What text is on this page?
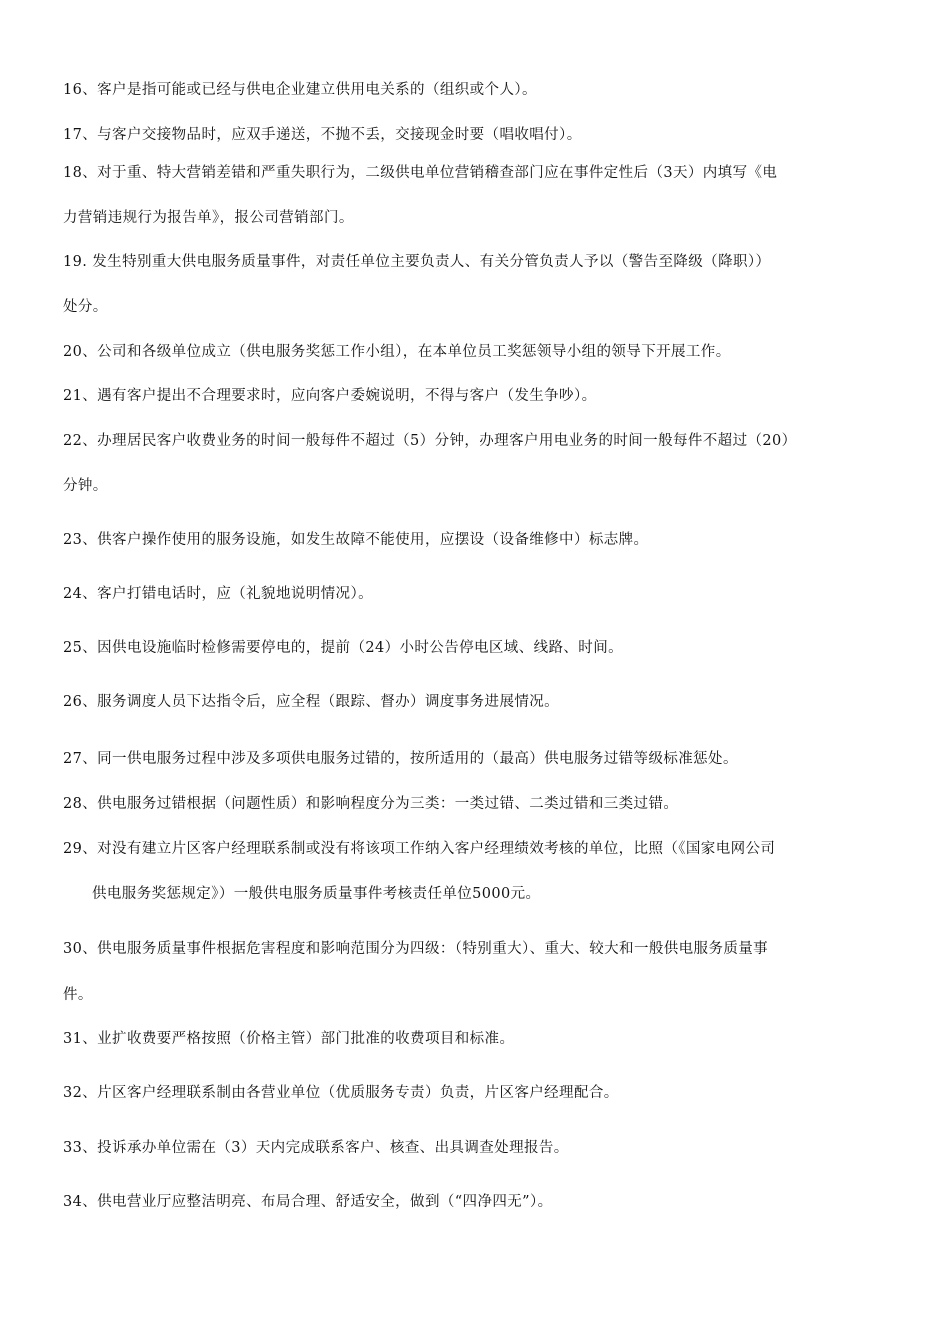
16、客户是指可能或已经与供电企业建立供用电关系的（组织或个人）。
17、与客户交接物品时，应双手递送，不抛不丢，交接现金时要（唱收唱付）。
18、对于重、特大营销差错和严重失职行为，二级供电单位营销稽查部门应在事件定性后（3天）内填写《电
力营销违规行为报告单》，报公司营销部门。
19. 发生特别重大供电服务质量事件，对责任单位主要负责人、有关分管负责人予以（警告至降级（降职））
处分。
20、公司和各级单位成立（供电服务奖惩工作小组），在本单位员工奖惩领导小组的领导下开展工作。
21、遇有客户提出不合理要求时，应向客户委婉说明，不得与客户（发生争吵）。
22、办理居民客户收费业务的时间一般每件不超过（5）分钟，办理客户用电业务的时间一般每件不超过（20）
分钟。
23、供客户操作使用的服务设施，如发生故障不能使用，应摆设（设备维修中）标志牌。
24、客户打错电话时，应（礼貌地说明情况）。
25、因供电设施临时检修需要停电的，提前（24）小时公告停电区域、线路、时间。
26、服务调度人员下达指令后，应全程（跟踪、督办）调度事务进展情况。
27、同一供电服务过程中涉及多项供电服务过错的，按所适用的（最高）供电服务过错等级标准惩处。
28、供电服务过错根据（问题性质）和影响程度分为三类：一类过错、二类过错和三类过错。
29、对没有建立片区客户经理联系制或没有将该项工作纳入客户经理绩效考核的单位，比照（《国家电网公司
供电服务奖惩规定》）一般供电服务质量事件考核责任单位5000元。
30、供电服务质量事件根据危害程度和影响范围分为四级：（特别重大）、重大、较大和一般供电服务质量事
件。
31、业扩收费要严格按照（价格主管）部门批准的收费项目和标准。
32、片区客户经理联系制由各营业单位（优质服务专责）负责，片区客户经理配合。
33、投诉承办单位需在（3）天内完成联系客户、核查、出具调查处理报告。
34、供电营业厅应整洁明亮、布局合理、舒适安全，做到（“四净四无”）。
